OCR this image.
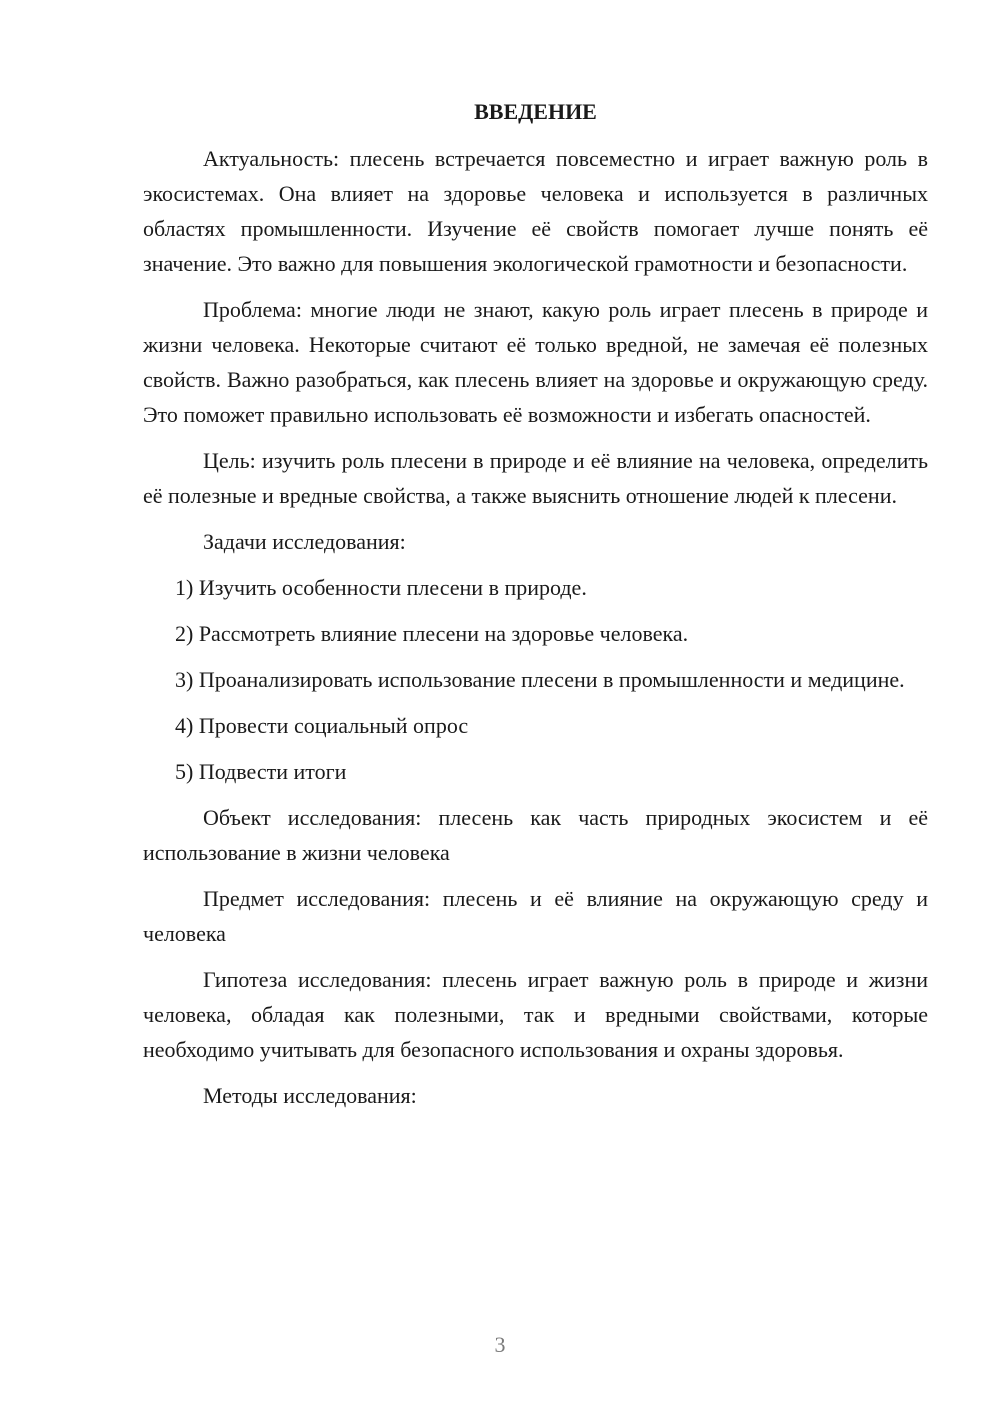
ВВЕДЕНИЕ

Актуальность: плесень встречается повсеместно и играет важную роль в экосистемах. Она влияет на здоровье человека и используется в различных областях промышленности. Изучение её свойств помогает лучше понять её значение. Это важно для повышения экологической грамотности и безопасности.

Проблема: многие люди не знают, какую роль играет плесень в природе и жизни человека. Некоторые считают её только вредной, не замечая её полезных свойств. Важно разобраться, как плесень влияет на здоровье и окружающую среду. Это поможет правильно использовать её возможности и избегать опасностей.

Цель: изучить роль плесени в природе и её влияние на человека, определить её полезные и вредные свойства, а также выяснить отношение людей к плесени.

Задачи исследования:

1) Изучить особенности плесени в природе.

2) Рассмотреть влияние плесени на здоровье человека.

3) Проанализировать использование плесени в промышленности и медицине.

4) Провести социальный опрос

5) Подвести итоги

Объект исследования: плесень как часть природных экосистем и её использование в жизни человека

Предмет исследования: плесень и её влияние на окружающую среду и человека

Гипотеза исследования: плесень играет важную роль в природе и жизни человека, обладая как полезными, так и вредными свойствами, которые необходимо учитывать для безопасного использования и охраны здоровья.

Методы исследования:

3
